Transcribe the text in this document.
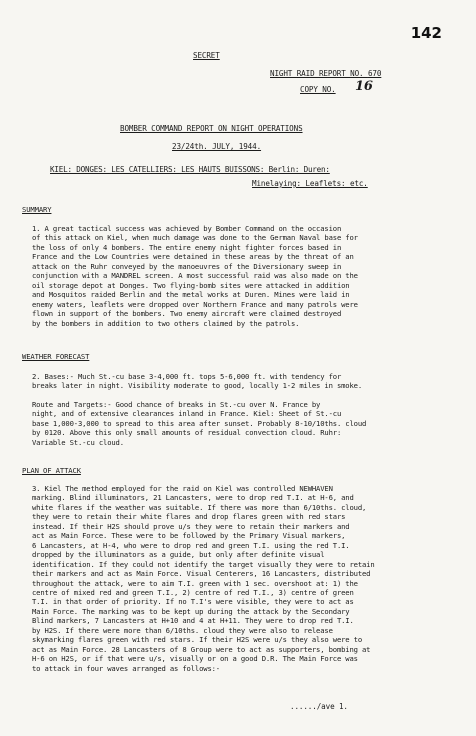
142
SECRET
NIGHT RAID REPORT NO. 670
COPY NO. 16
BOMBER COMMAND REPORT ON NIGHT OPERATIONS
23/24th. JULY, 1944.
KIEL: DONGES: LES CATELLIERS: LES HAUTS BUISSONS: Berlin: Duren:
Minelaying: Leaflets: etc.
SUMMARY
1. A great tactical success was achieved by Bomber Command on the occasion
of this attack on Kiel, when much damage was done to the German Naval base for
the loss of only 4 bombers. The entire enemy night fighter forces based in
France and the Low Countries were detained in these areas by the threat of an
attack on the Ruhr conveyed by the manoeuvres of the Diversionary sweep in
conjunction with a MANDREL screen. A most successful raid was also made on the
oil storage depot at Donges. Two flying-bomb sites were attacked in addition
and Mosquitos raided Berlin and the metal works at Duren. Mines were laid in
enemy waters, leaflets were dropped over Northern France and many patrols were
flown in support of the bombers. Two enemy aircraft were claimed destroyed
by the bombers in addition to two others claimed by the patrols.
WEATHER FORECAST
2. Bases:- Much St.-cu base 3-4,000 ft. tops 5-6,000 ft. with tendency for
breaks later in night. Visibility moderate to good, locally 1-2 miles in smoke.
Route and Targets:- Good chance of breaks in St.-cu over N. France by
night, and of extensive clearances inland in France. Kiel: Sheet of St.-cu
base 1,000-3,000 to spread to this area after sunset. Probably 8-10/10ths. cloud
by 0120. Above this only small amounts of residual convection cloud. Ruhr:
Variable St.-cu cloud.
PLAN OF ATTACK
3. Kiel The method employed for the raid on Kiel was controlled NEWHAVEN
marking. Blind illuminators, 21 Lancasters, were to drop red T.I. at H-6, and
white flares if the weather was suitable. If there was more than 6/10ths. cloud,
they were to retain their white flares and drop flares green with red stars
instead. If their H2S should prove u/s they were to retain their markers and
act as Main Force. These were to be followed by the Primary Visual markers,
6 Lancasters, at H-4, who were to drop red and green T.I. using the red T.I.
dropped by the illuminators as a guide, but only after definite visual
identification. If they could not identify the target visually they were to retain
their markers and act as Main Force. Visual Centerers, 16 Lancasters, distributed
throughout the attack, were to aim T.I. green with 1 sec. overshoot at: 1) the
centre of mixed red and green T.I., 2) centre of red T.I., 3) centre of green
T.I. in that order of priority. If no T.I's were visible, they were to act as
Main Force. The marking was to be kept up during the attack by the Secondary
Blind markers, 7 Lancasters at H+10 and 4 at H+11. They were to drop red T.I.
by H2S. If there were more than 6/10ths. cloud they were also to release
skymarking flares green with red stars. If their H2S were u/s they also were to
act as Main Force. 28 Lancasters of 8 Group were to act as supporters, bombing at
H-6 on H2S, or if that were u/s, visually or on a good D.R. The Main Force was
to attack in four waves arranged as follows:-
....../ave 1.
